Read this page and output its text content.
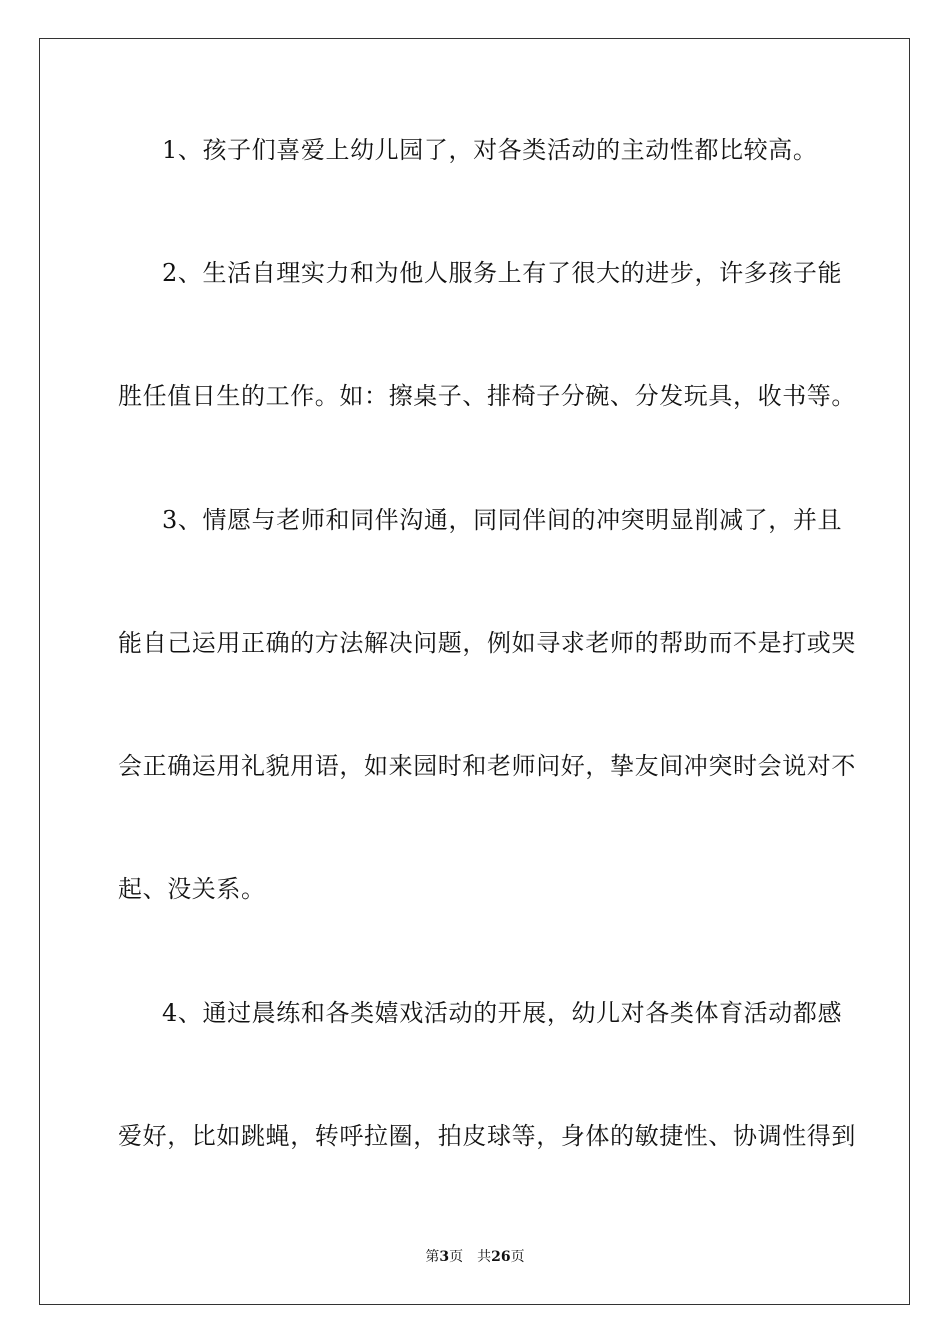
1、孩子们喜爱上幼儿园了，对各类活动的主动性都比较高。
2、生活自理实力和为他人服务上有了很大的进步，许多孩子能
胜任值日生的工作。如：擦桌子、排椅子分碗、分发玩具，收书等。
3、情愿与老师和同伴沟通，同同伴间的冲突明显削减了，并且
能自己运用正确的方法解决问题，例如寻求老师的帮助而不是打或哭
会正确运用礼貌用语，如来园时和老师问好，挚友间冲突时会说对不
起、没关系。
4、通过晨练和各类嬉戏活动的开展，幼儿对各类体育活动都感
爱好，比如跳蝇，转呼拉圈，拍皮球等，身体的敏捷性、协调性得到
第3页 共26页
